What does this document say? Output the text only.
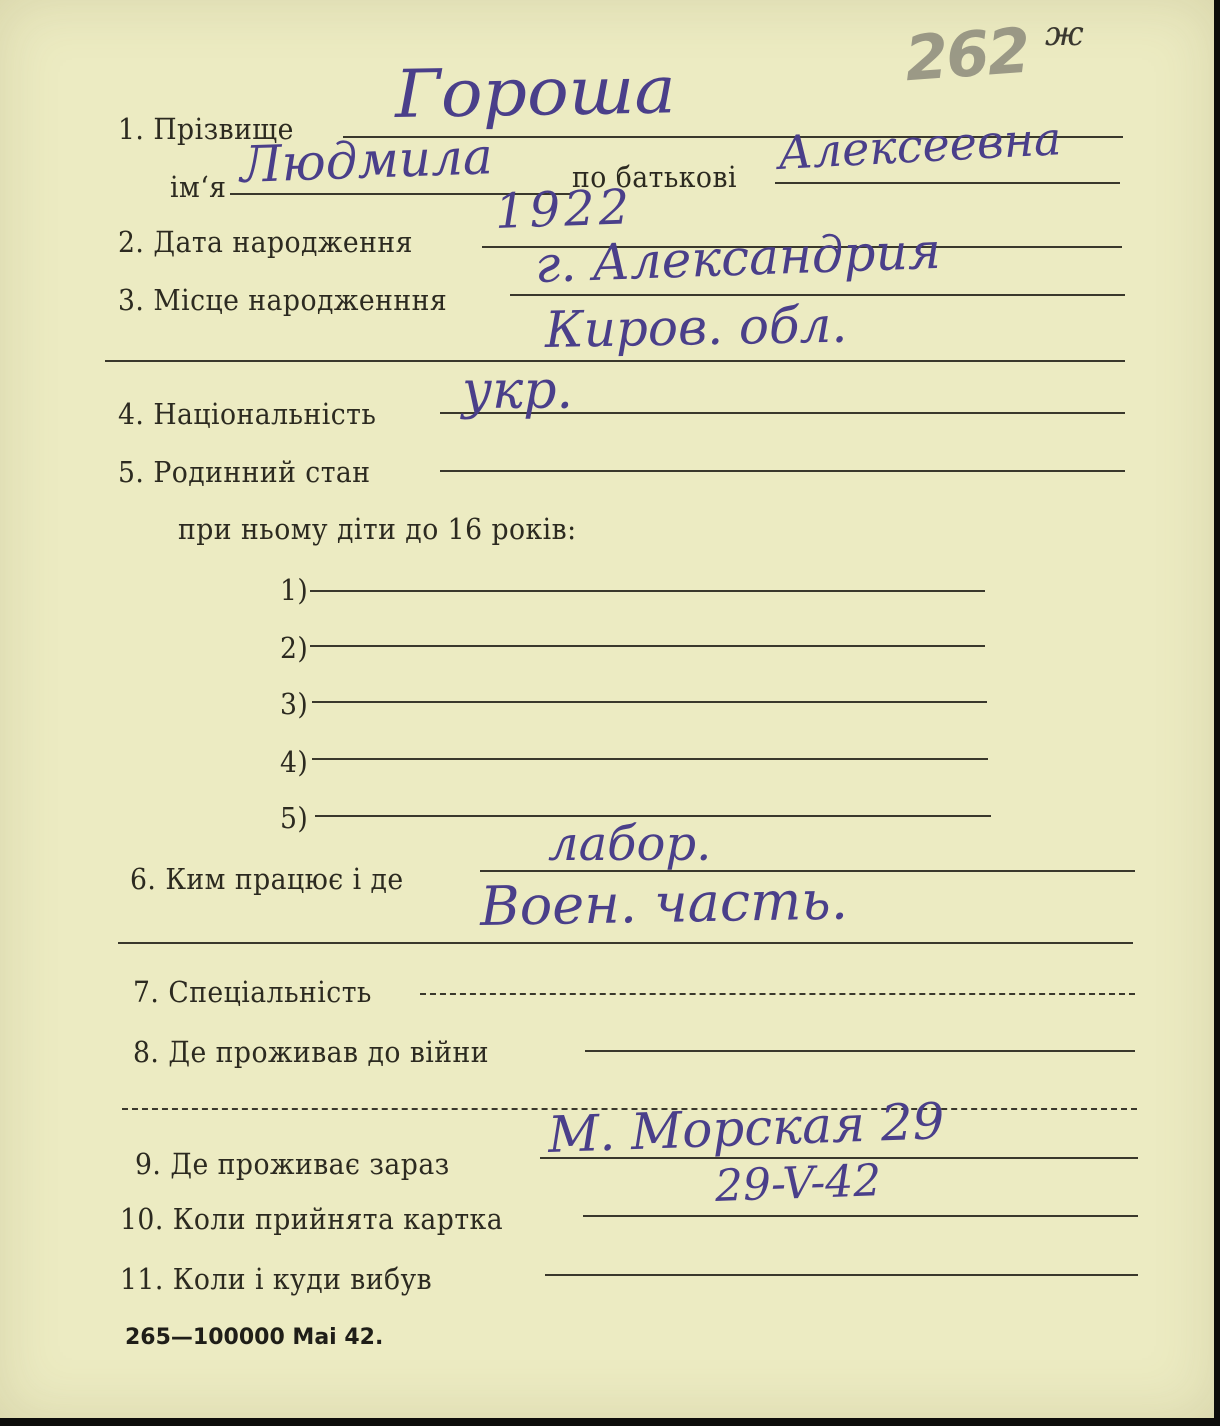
262 ж
1. Прізвище Гороша
ім‘я Людмила	по батькові Алексеевна
2. Дата народження
1922
3. Місце народженння
г. Александрия
Киров. обл.
4. Національність укр.
5. Родинний стан
при ньому діти до 16 років:
1)
2)
3)
4)
5)
6. Ким працює і де
лабор.
Воен. часть.
7. Спеціальність
8. Де проживав до війни
9. Де проживає зараз
М. Морская 29
10. Коли прийнята картка
29-V-42
11. Коли і куди вибув
265—100000 Mai 42.
